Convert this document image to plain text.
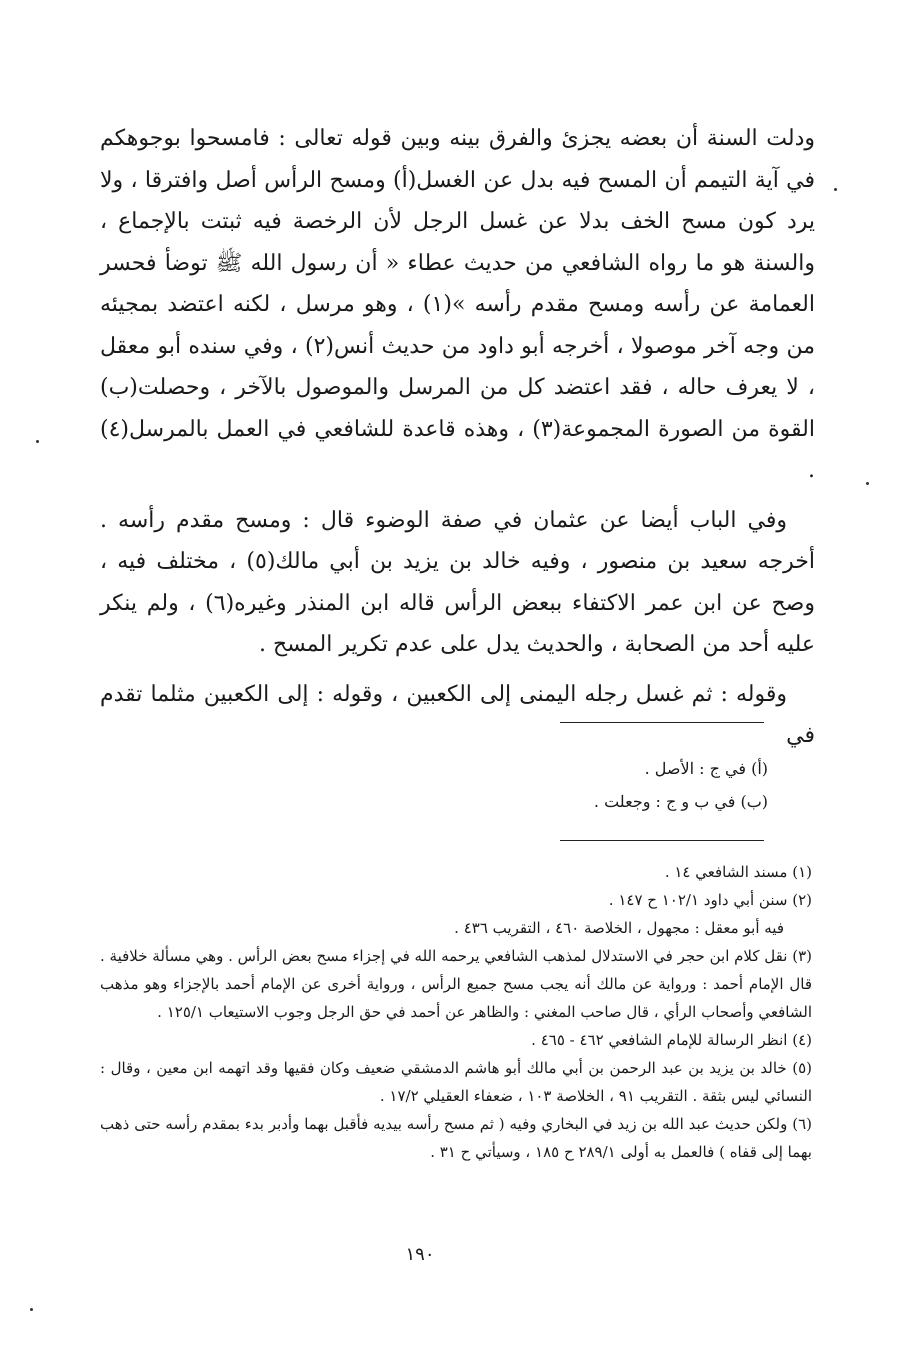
ودلت السنة أن بعضه يجزئ والفرق بينه وبين قوله تعالى : فامسحوا بوجوهكم في آية التيمم أن المسح فيه بدل عن الغسل(أ) ومسح الرأس أصل وافترقا ، ولا يرد كون مسح الخف بدلا عن غسل الرجل لأن الرخصة فيه ثبتت بالإجماع ، والسنة هو ما رواه الشافعي من حديث عطاء « أن رسول الله ﷺ توضأ فحسر العمامة عن رأسه ومسح مقدم رأسه »(١) ، وهو مرسل ، لكنه اعتضد بمجيئه من وجه آخر موصولا ، أخرجه أبو داود من حديث أنس(٢) ، وفي سنده أبو معقل ، لا يعرف حاله ، فقد اعتضد كل من المرسل والموصول بالآخر ، وحصلت(ب) القوة من الصورة المجموعة(٣) ، وهذه قاعدة للشافعي في العمل بالمرسل(٤) .

وفي الباب أيضا عن عثمان في صفة الوضوء قال : ومسح مقدم رأسه . أخرجه سعيد بن منصور ، وفيه خالد بن يزيد بن أبي مالك(٥) ، مختلف فيه ، وصح عن ابن عمر الاكتفاء ببعض الرأس قاله ابن المنذر وغيره(٦) ، ولم ينكر عليه أحد من الصحابة ، والحديث يدل على عدم تكرير المسح .

وقوله : ثم غسل رجله اليمنى إلى الكعبين ، وقوله : إلى الكعبين مثلما تقدم في

(أ) في ج : الأصل .
(ب) في ب و ج : وجعلت .

(١) مسند الشافعي ١٤ .

(٢) سنن أبي داود ١٠٢/١ ح ١٤٧ .

فيه أبو معقل : مجهول ، الخلاصة ٤٦٠ ، التقريب ٤٣٦ .

(٣) نقل كلام ابن حجر في الاستدلال لمذهب الشافعي يرحمه الله في إجزاء مسح بعض الرأس . وهي مسألة خلافية . قال الإمام أحمد : ورواية عن مالك أنه يجب مسح جميع الرأس ، ورواية أخرى عن الإمام أحمد بالإجزاء وهو مذهب الشافعي وأصحاب الرأي ، قال صاحب المغني : والظاهر عن أحمد في حق الرجل وجوب الاستيعاب ١٢٥/١ .

(٤) انظر الرسالة للإمام الشافعي ٤٦٢ - ٤٦٥ .

(٥) خالد بن يزيد بن عبد الرحمن بن أبي مالك أبو هاشم الدمشقي ضعيف وكان فقيها وقد اتهمه ابن معين ، وقال : النسائي ليس بثقة . التقريب ٩١ ، الخلاصة ١٠٣ ، ضعفاء العقيلي ١٧/٢ .

(٦) ولكن حديث عبد الله بن زيد في البخاري وفيه ( ثم مسح رأسه بيديه فأقبل بهما وأدبر بدء بمقدم رأسه حتى ذهب بهما إلى قفاه ) فالعمل به أولى ٢٨٩/١ ح ١٨٥ ، وسيأتي ح ٣١ .

١٩٠
